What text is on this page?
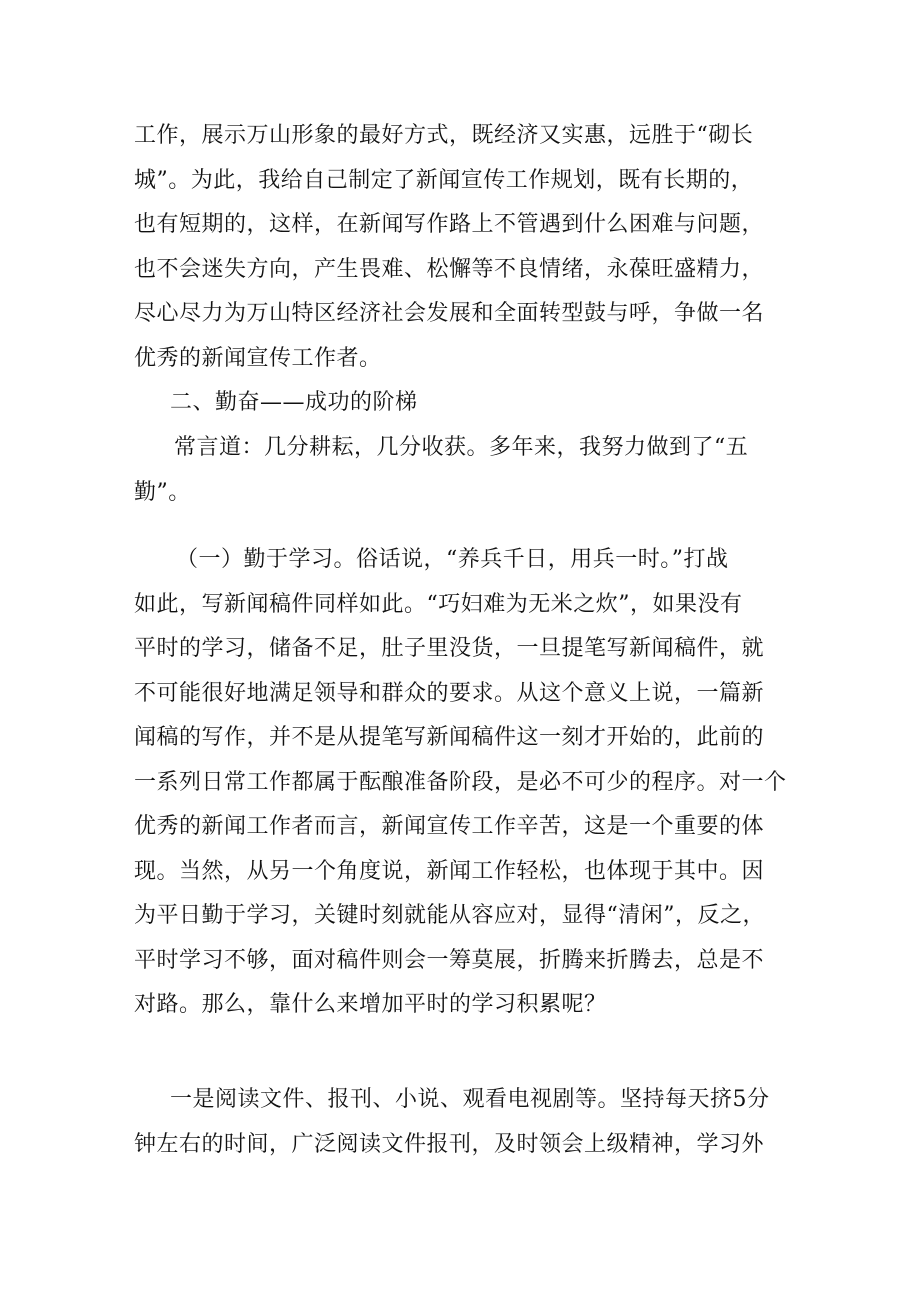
工作，展示万山形象的最好方式，既经济又实惠，远胜于“砌长
城”。为此，我给自己制定了新闻宣传工作规划，既有长期的，
也有短期的，这样，在新闻写作路上不管遇到什么困难与问题，
也不会迷失方向，产生畏难、松懈等不良情绪，永葆旺盛精力，
尽心尽力为万山特区经济社会发展和全面转型鼓与呼，争做一名
优秀的新闻宣传工作者。

二、勤奋——成功的阶梯

常言道：几分耕耘，几分收获。多年来，我努力做到了“五
勤”。

（一）勤于学习。俗话说，“养兵千日，用兵一时。”打战
如此，写新闻稿件同样如此。“巧妇难为无米之炊”，如果没有
平时的学习，储备不足，肚子里没货，一旦提笔写新闻稿件，就
不可能很好地满足领导和群众的要求。从这个意义上说，一篇新
闻稿的写作，并不是从提笔写新闻稿件这一刻才开始的，此前的
一系列日常工作都属于酝酿准备阶段，是必不可少的程序。对一个
优秀的新闻工作者而言，新闻宣传工作辛苦，这是一个重要的体
现。当然，从另一个角度说，新闻工作轻松，也体现于其中。因
为平日勤于学习，关键时刻就能从容应对，显得“清闲”，反之，
平时学习不够，面对稿件则会一筹莫展，折腾来折腾去，总是不
对路。那么，靠什么来增加平时的学习积累呢？

一是阅读文件、报刊、小说、观看电视剧等。坚持每天挤5分
钟左右的时间，广泛阅读文件报刊，及时领会上级精神，学习外
